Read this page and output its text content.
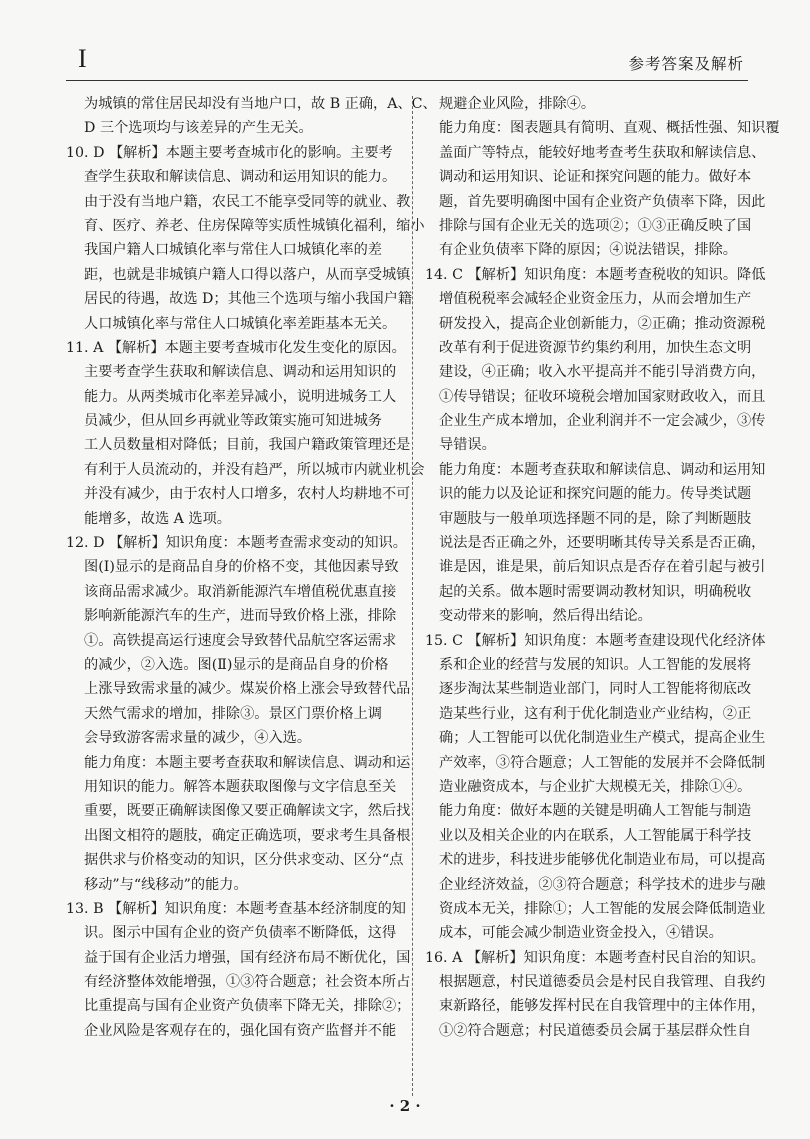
I	参考答案及解析
为城镇的常住居民却没有当地户口，故 B 正确，A、C、
D 三个选项均与该差异的产生无关。
10. D 【解析】本题主要考查城市化的影响。主要考
查学生获取和解读信息、调动和运用知识的能力。
由于没有当地户籍，农民工不能享受同等的就业、教
育、医疗、养老、住房保障等实质性城镇化福利，缩小
我国户籍人口城镇化率与常住人口城镇化率的差
距，也就是非城镇户籍人口得以落户，从而享受城镇
居民的待遇，故选 D；其他三个选项与缩小我国户籍
人口城镇化率与常住人口城镇化率差距基本无关。
11. A 【解析】本题主要考查城市化发生变化的原因。
主要考查学生获取和解读信息、调动和运用知识的
能力。从两类城市化率差异减小，说明进城务工人
员减少，但从回乡再就业等政策实施可知进城务
工人员数量相对降低；目前，我国户籍政策管理还是
有利于人员流动的，并没有趋严，所以城市内就业机会
并没有减少，由于农村人口增多，农村人均耕地不可
能增多，故选 A 选项。
12. D 【解析】知识角度：本题考查需求变动的知识。
图(Ⅰ)显示的是商品自身的价格不变，其他因素导致
该商品需求减少。取消新能源汽车增值税优惠直接
影响新能源汽车的生产，进而导致价格上涨，排除
①。高铁提高运行速度会导致替代品航空客运需求
的减少，②入选。图(Ⅱ)显示的是商品自身的价格
上涨导致需求量的减少。煤炭价格上涨会导致替代品
天然气需求的增加，排除③。景区门票价格上调
会导致游客需求量的减少，④入选。
能力角度：本题主要考查获取和解读信息、调动和运
用知识的能力。解答本题获取图像与文字信息至关
重要，既要正确解读图像又要正确解读文字，然后找
出图文相符的题肢，确定正确选项，要求考生具备根
据供求与价格变动的知识，区分供求变动、区分“点
移动”与“线移动”的能力。
13. B 【解析】知识角度：本题考查基本经济制度的知
识。图示中国有企业的资产负债率不断降低，这得
益于国有企业活力增强，国有经济布局不断优化，国
有经济整体效能增强，①③符合题意；社会资本所占
比重提高与国有企业资产负债率下降无关，排除②；
企业风险是客观存在的，强化国有资产监督并不能
规避企业风险，排除④。
能力角度：图表题具有简明、直观、概括性强、知识覆
盖面广等特点，能较好地考查考生获取和解读信息、
调动和运用知识、论证和探究问题的能力。做好本
题，首先要明确图中国有企业资产负债率下降，因此
排除与国有企业无关的选项②；①③正确反映了国
有企业负债率下降的原因；④说法错误，排除。
14. C 【解析】知识角度：本题考查税收的知识。降低
增值税税率会减轻企业资金压力，从而会增加生产
研发投入，提高企业创新能力，②正确；推动资源税
改革有利于促进资源节约集约利用，加快生态文明
建设，④正确；收入水平提高并不能引导消费方向，
①传导错误；征收环境税会增加国家财政收入，而且
企业生产成本增加，企业利润并不一定会减少，③传
导错误。
能力角度：本题考查获取和解读信息、调动和运用知
识的能力以及论证和探究问题的能力。传导类试题
审题肢与一般单项选择题不同的是，除了判断题肢
说法是否正确之外，还要明晰其传导关系是否正确，
谁是因，谁是果，前后知识点是否存在着引起与被引
起的关系。做本题时需要调动教材知识，明确税收
变动带来的影响，然后得出结论。
15. C 【解析】知识角度：本题考查建设现代化经济体
系和企业的经营与发展的知识。人工智能的发展将
逐步淘汰某些制造业部门，同时人工智能将彻底改
造某些行业，这有利于优化制造业产业结构，②正
确；人工智能可以优化制造业生产模式，提高企业生
产效率，③符合题意；人工智能的发展并不会降低制
造业融资成本，与企业扩大规模无关，排除①④。
能力角度：做好本题的关键是明确人工智能与制造
业以及相关企业的内在联系，人工智能属于科学技
术的进步，科技进步能够优化制造业布局，可以提高
企业经济效益，②③符合题意；科学技术的进步与融
资成本无关，排除①；人工智能的发展会降低制造业
成本，可能会减少制造业资金投入，④错误。
16. A 【解析】知识角度：本题考查村民自治的知识。
根据题意，村民道德委员会是村民自我管理、自我约
束新路径，能够发挥村民在自我管理中的主体作用，
①②符合题意；村民道德委员会属于基层群众性自
· 2 ·
